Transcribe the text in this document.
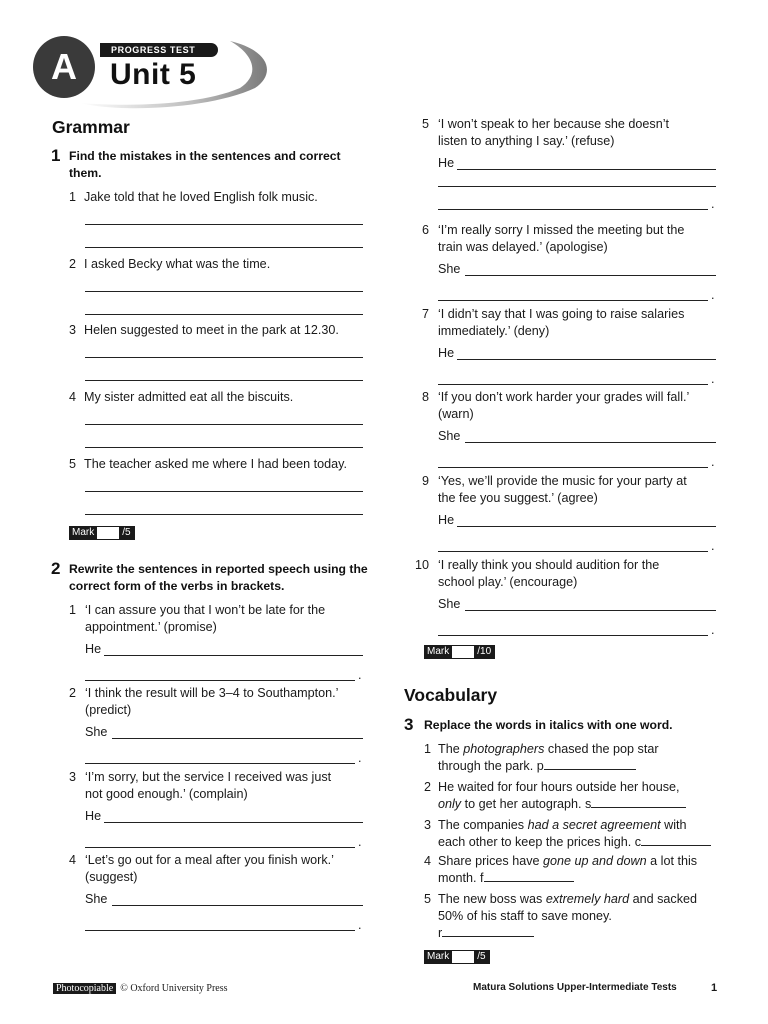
A	PROGRESS TEST
Unit 5
Grammar
1 Find the mistakes in the sentences and correct them.
1 Jake told that he loved English folk music.
2 I asked Becky what was the time.
3 Helen suggested to meet in the park at 12.30.
4 My sister admitted eat all the biscuits.
5 The teacher asked me where I had been today.
Mark	/5
2 Rewrite the sentences in reported speech using the correct form of the verbs in brackets.
1 ‘I can assure you that I won’t be late for the
appointment.’ (promise)
He
.
2 ‘I think the result will be 3–4 to Southampton.’
(predict)
She
.
3 ‘I’m sorry, but the service I received was just
not good enough.’ (complain)
He
.
4 ‘Let’s go out for a meal after you finish work.’
(suggest)
She
.
5 ‘I won’t speak to her because she doesn’t
listen to anything I say.’ (refuse)
He
.
6 ‘I’m really sorry I missed the meeting but the
train was delayed.’ (apologise)
She
.
7 ‘I didn’t say that I was going to raise salaries
immediately.’ (deny)
He
.
8 ‘If you don’t work harder your grades will fall.’
(warn)
She
.
9 ‘Yes, we’ll provide the music for your party at
the fee you suggest.’ (agree)
He
.
10 ‘I really think you should audition for the
school play.’ (encourage)
She
.
Mark	/10
Vocabulary
3 Replace the words in italics with one word.
1 The photographers chased the pop star
through the park. p
2 He waited for four hours outside her house,
only to get her autograph. s
3 The companies had a secret agreement with
each other to keep the prices high. c
4 Share prices have gone up and down a lot this
month. f
5 The new boss was extremely hard and sacked
50% of his staff to save money.
r
Mark	/5
Photocopiable © Oxford University Press	Matura Solutions Upper-Intermediate Tests	1
